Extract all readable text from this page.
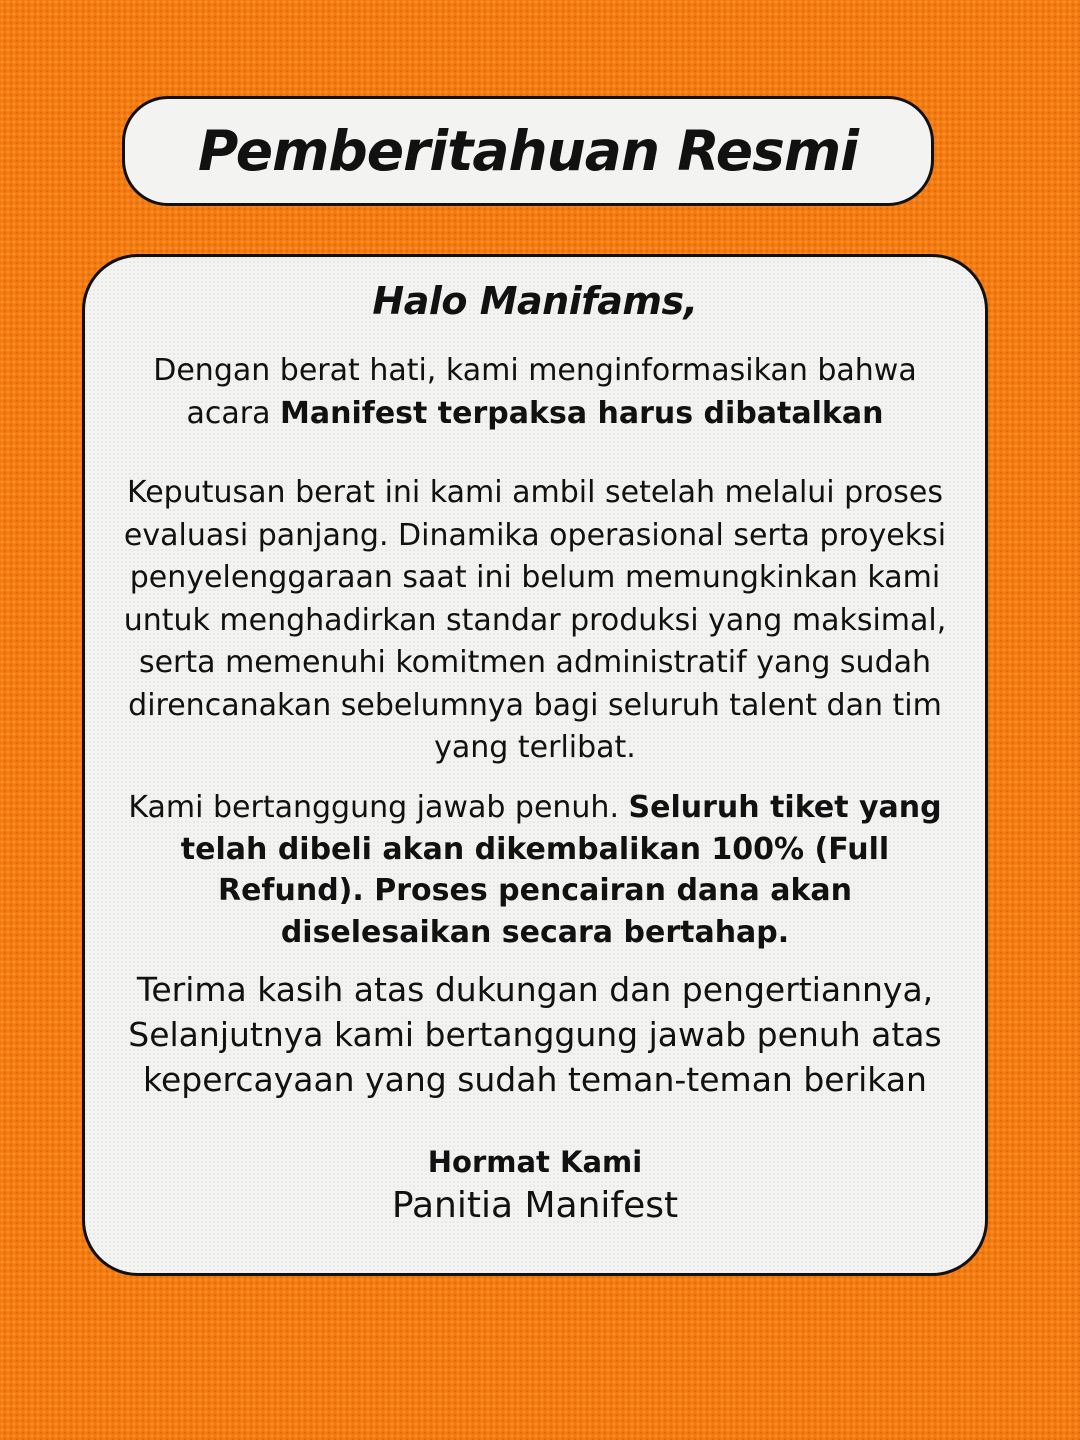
Pemberitahuan Resmi

Halo Manifams,

Dengan berat hati, kami menginformasikan bahwa acara Manifest terpaksa harus dibatalkan

Keputusan berat ini kami ambil setelah melalui proses evaluasi panjang. Dinamika operasional serta proyeksi penyelenggaraan saat ini belum memungkinkan kami untuk menghadirkan standar produksi yang maksimal, serta memenuhi komitmen administratif yang sudah direncanakan sebelumnya bagi seluruh talent dan tim yang terlibat.

Kami bertanggung jawab penuh. Seluruh tiket yang telah dibeli akan dikembalikan 100% (Full Refund). Proses pencairan dana akan diselesaikan secara bertahap.

Terima kasih atas dukungan dan pengertiannya, Selanjutnya kami bertanggung jawab penuh atas kepercayaan yang sudah teman-teman berikan

Hormat Kami

Panitia Manifest
